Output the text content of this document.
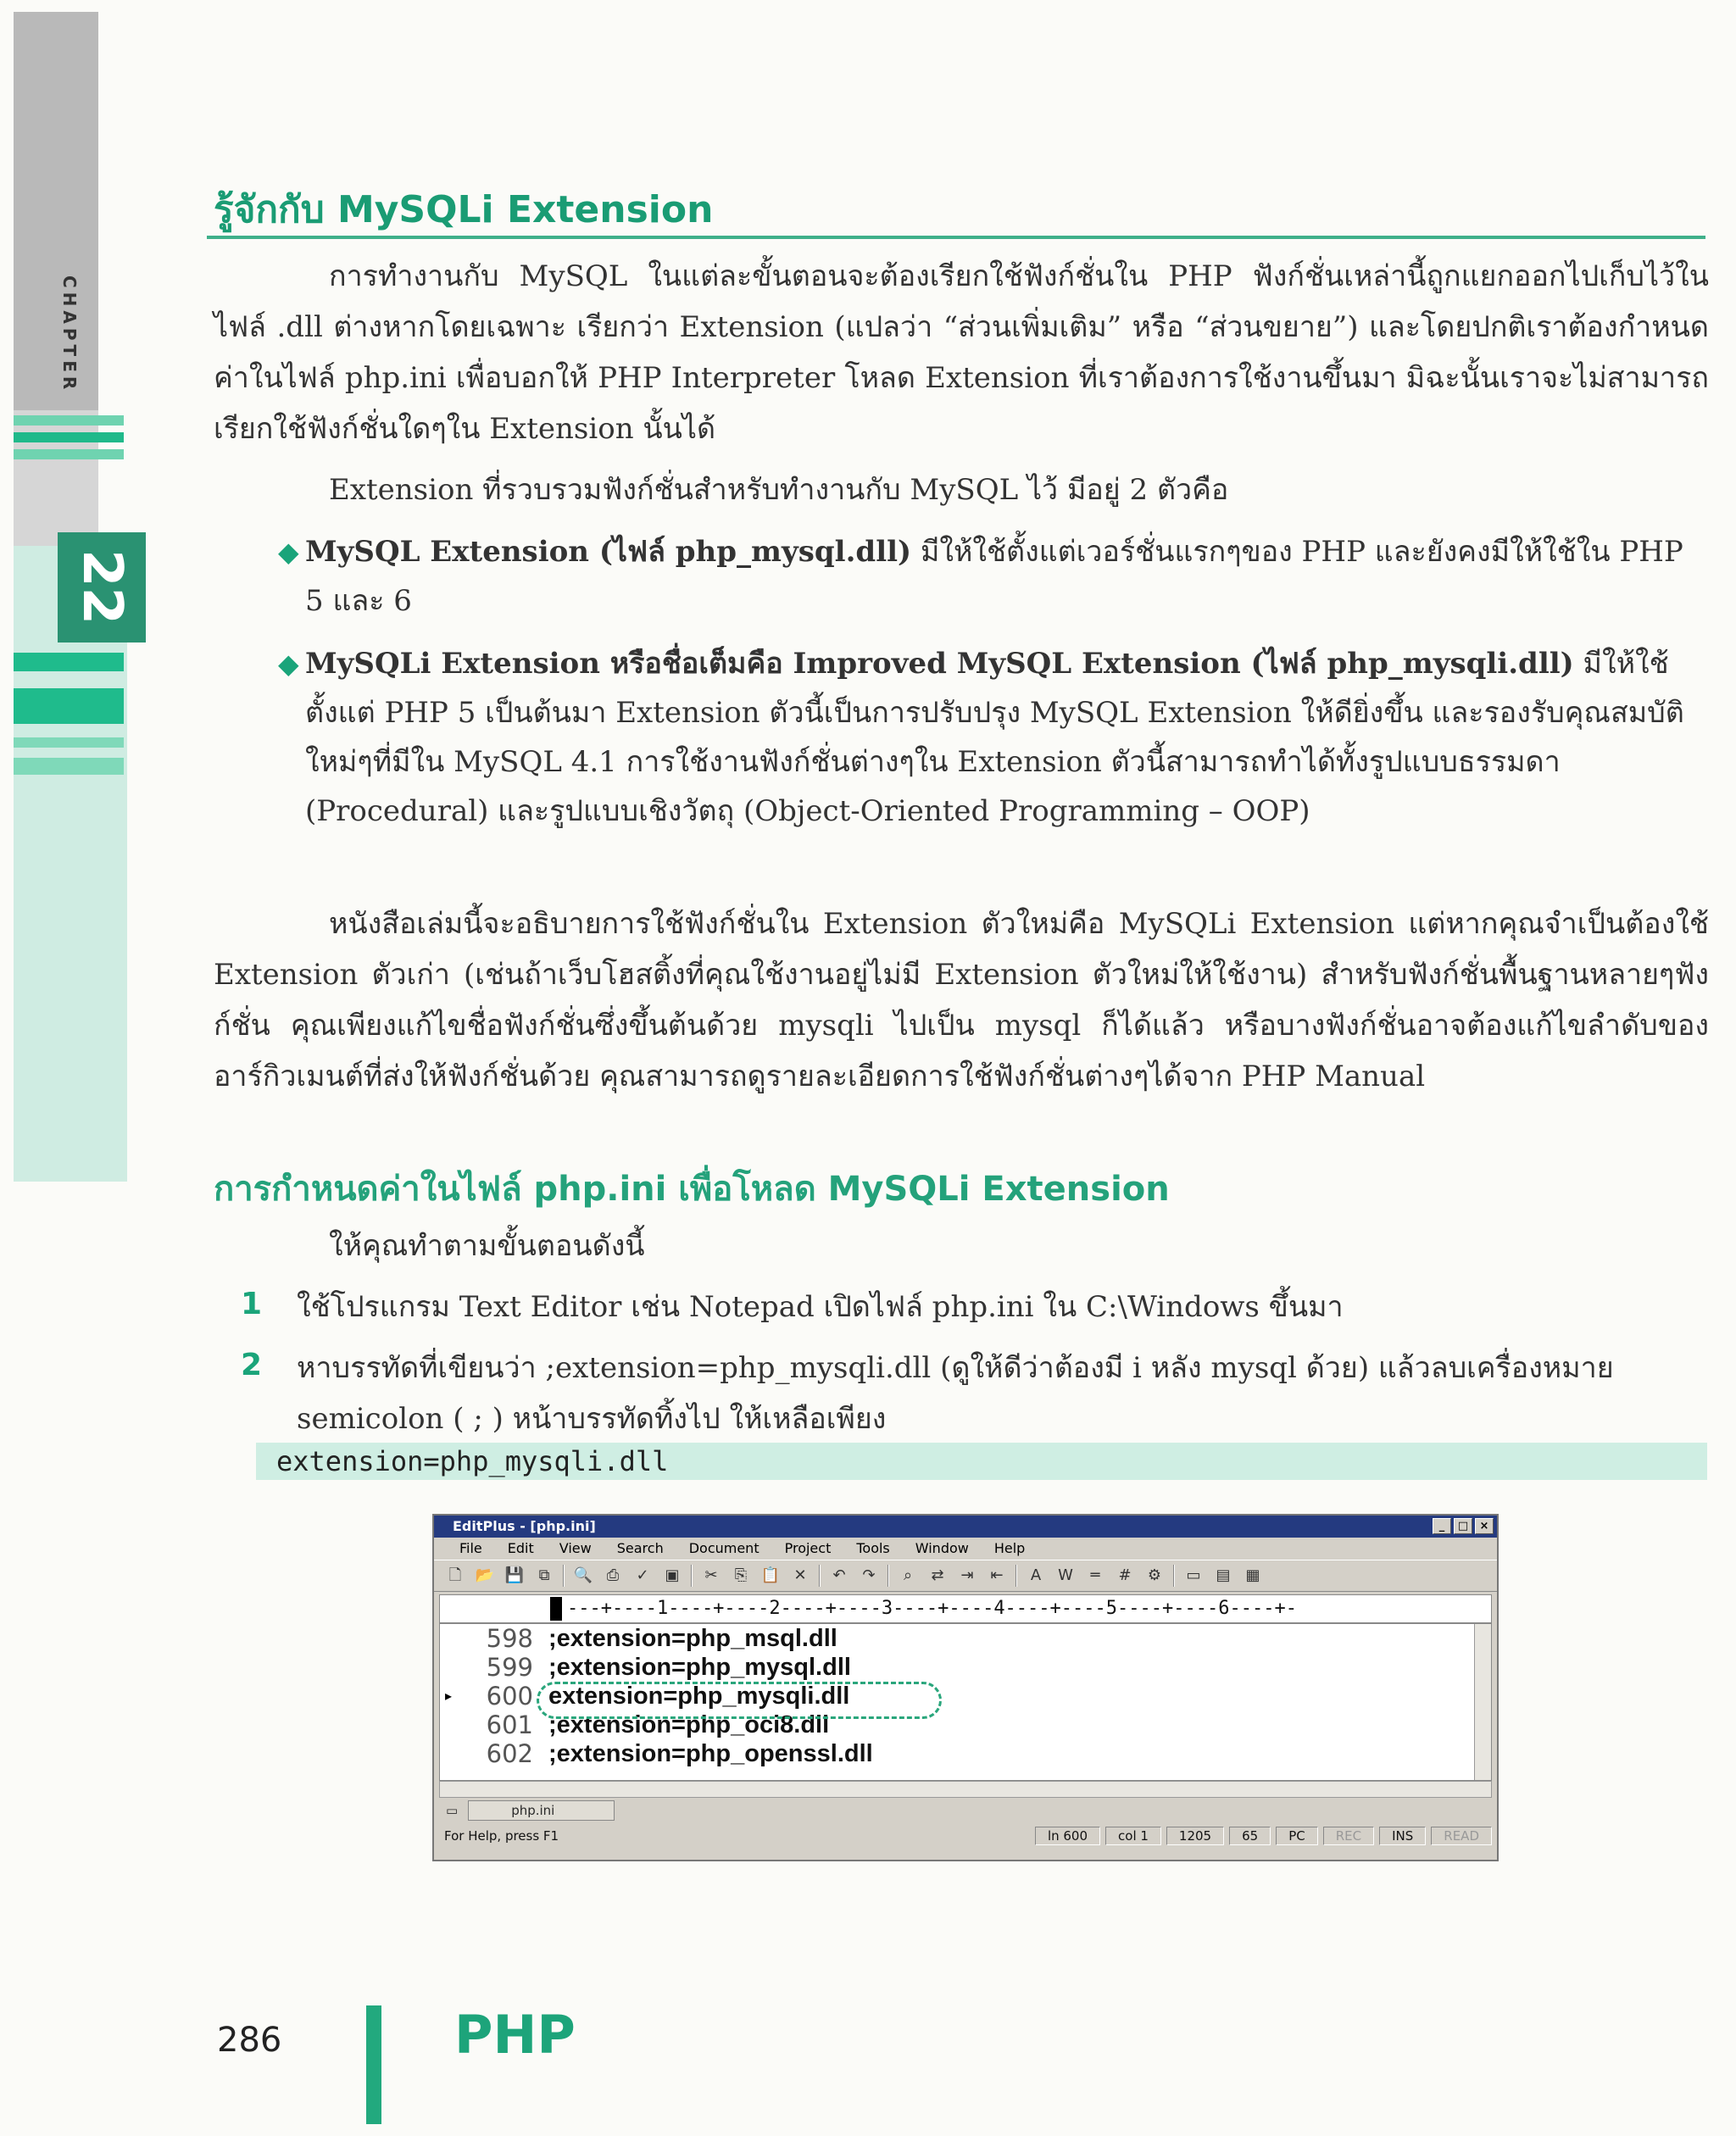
CHAPTER
22
รู้จักกับ MySQLi Extension

การทำงานกับ MySQL ในแต่ละขั้นตอนจะต้องเรียกใช้ฟังก์ชั่นใน PHP ฟังก์ชั่นเหล่านี้ถูกแยกออกไปเก็บไว้ในไฟล์ .dll ต่างหากโดยเฉพาะ เรียกว่า Extension (แปลว่า “ส่วนเพิ่มเติม” หรือ “ส่วนขยาย”) และโดยปกติเราต้องกำหนดค่าในไฟล์ php.ini เพื่อบอกให้ PHP Interpreter โหลด Extension ที่เราต้องการใช้งานขึ้นมา มิฉะนั้นเราจะไม่สามารถเรียกใช้ฟังก์ชั่นใดๆใน Extension นั้นได้

Extension ที่รวบรวมฟังก์ชั่นสำหรับทำงานกับ MySQL ไว้ มีอยู่ 2 ตัวคือ

◆ MySQL Extension (ไฟล์ php_mysql.dll) มีให้ใช้ตั้งแต่เวอร์ชั่นแรกๆของ PHP และยังคงมีให้ใช้ใน PHP 5 และ 6
◆ MySQLi Extension หรือชื่อเต็มคือ Improved MySQL Extension (ไฟล์ php_mysqli.dll) มีให้ใช้ตั้งแต่ PHP 5 เป็นต้นมา Extension ตัวนี้เป็นการปรับปรุง MySQL Extension ให้ดียิ่งขึ้น และรองรับคุณสมบัติใหม่ๆที่มีใน MySQL 4.1 การใช้งานฟังก์ชั่นต่างๆใน Extension ตัวนี้สามารถทำได้ทั้งรูปแบบธรรมดา (Procedural) และรูปแบบเชิงวัตถุ (Object-Oriented Programming – OOP)

หนังสือเล่มนี้จะอธิบายการใช้ฟังก์ชั่นใน Extension ตัวใหม่คือ MySQLi Extension แต่หากคุณจำเป็นต้องใช้ Extension ตัวเก่า (เช่นถ้าเว็บโฮสติ้งที่คุณใช้งานอยู่ไม่มี Extension ตัวใหม่ให้ใช้งาน) สำหรับฟังก์ชั่นพื้นฐานหลายๆฟังก์ชั่น คุณเพียงแก้ไขชื่อฟังก์ชั่นซึ่งขึ้นต้นด้วย mysqli ไปเป็น mysql ก็ได้แล้ว หรือบางฟังก์ชั่นอาจต้องแก้ไขลำดับของอาร์กิวเมนต์ที่ส่งให้ฟังก์ชั่นด้วย คุณสามารถดูรายละเอียดการใช้ฟังก์ชั่นต่างๆได้จาก PHP Manual

การกำหนดค่าในไฟล์ php.ini เพื่อโหลด MySQLi Extension

ให้คุณทำตามขั้นตอนดังนี้

1 ใช้โปรแกรม Text Editor เช่น Notepad เปิดไฟล์ php.ini ใน C:\Windows ขึ้นมา
2 หาบรรทัดที่เขียนว่า ;extension=php_mysqli.dll (ดูให้ดีว่าต้องมี i หลัง mysql ด้วย) แล้วลบเครื่องหมาย semicolon ( ; ) หน้าบรรทัดทิ้งไป ให้เหลือเพียง
extension=php_mysqli.dll
EditPlus - [php.ini]	_	□	×
File Edit View Search Document Project Tools Window Help
🗋 📂 💾 ⧉	🔍 ⎙	✓	▣	✂	⎘ 📋 ✕	↶	↷	⌕	⇄	⇥	⇤	A	W	═	#	⚙ ▭ ▤ ▦
---+----1----+----2----+----3----+----4----+----5----+----6----+-
598 ;extension=php_msql.dll
599 ;extension=php_mysql.dll
▸	600 extension=php_mysqli.dll
601 ;extension=php_oci8.dll
602 ;extension=php_openssl.dll
▭	php.ini
For Help, press F1	ln 600	col 1	1205	65	PC	REC	INS	READ
286	PHP
